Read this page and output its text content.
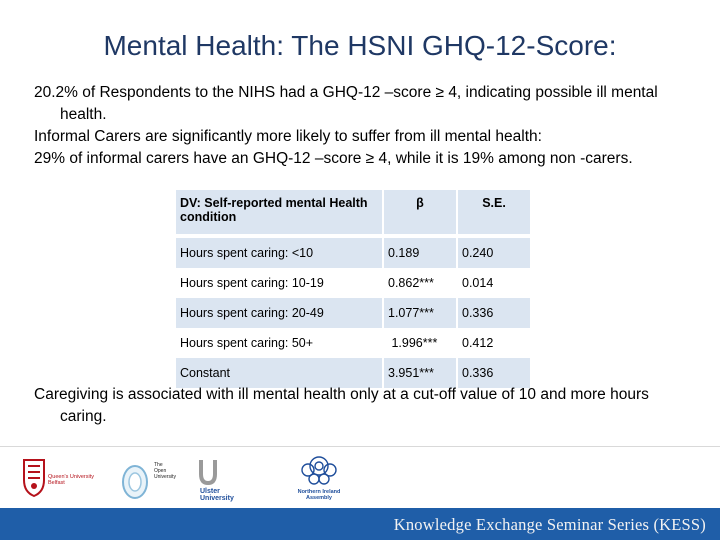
Mental Health: The HSNI GHQ-12-Score:

20.2% of Respondents to the NIHS had a GHQ-12 –score ≥ 4, indicating possible ill mental health.

Informal Carers are significantly more likely to suffer from ill mental health:

29% of informal carers have an GHQ-12 –score ≥ 4, while it is 19% among non -carers.

DV: Self-reported mental Health condition	β	S.E.

Hours spent caring: <10	0.189	0.240
Hours spent caring: 10-19	0.862***	0.014
Hours spent caring: 20-49	1.077***	0.336
Hours spent caring: 50+	1.996***	0.412
Constant	3.951***	0.336

Caregiving is associated with ill mental health only at a cut-off value of 10 and more hours caring.

Queen's University
Belfast
The
Open
University
Ulster
University
Northern Ireland
Assembly
Knowledge Exchange Seminar Series (KESS)
